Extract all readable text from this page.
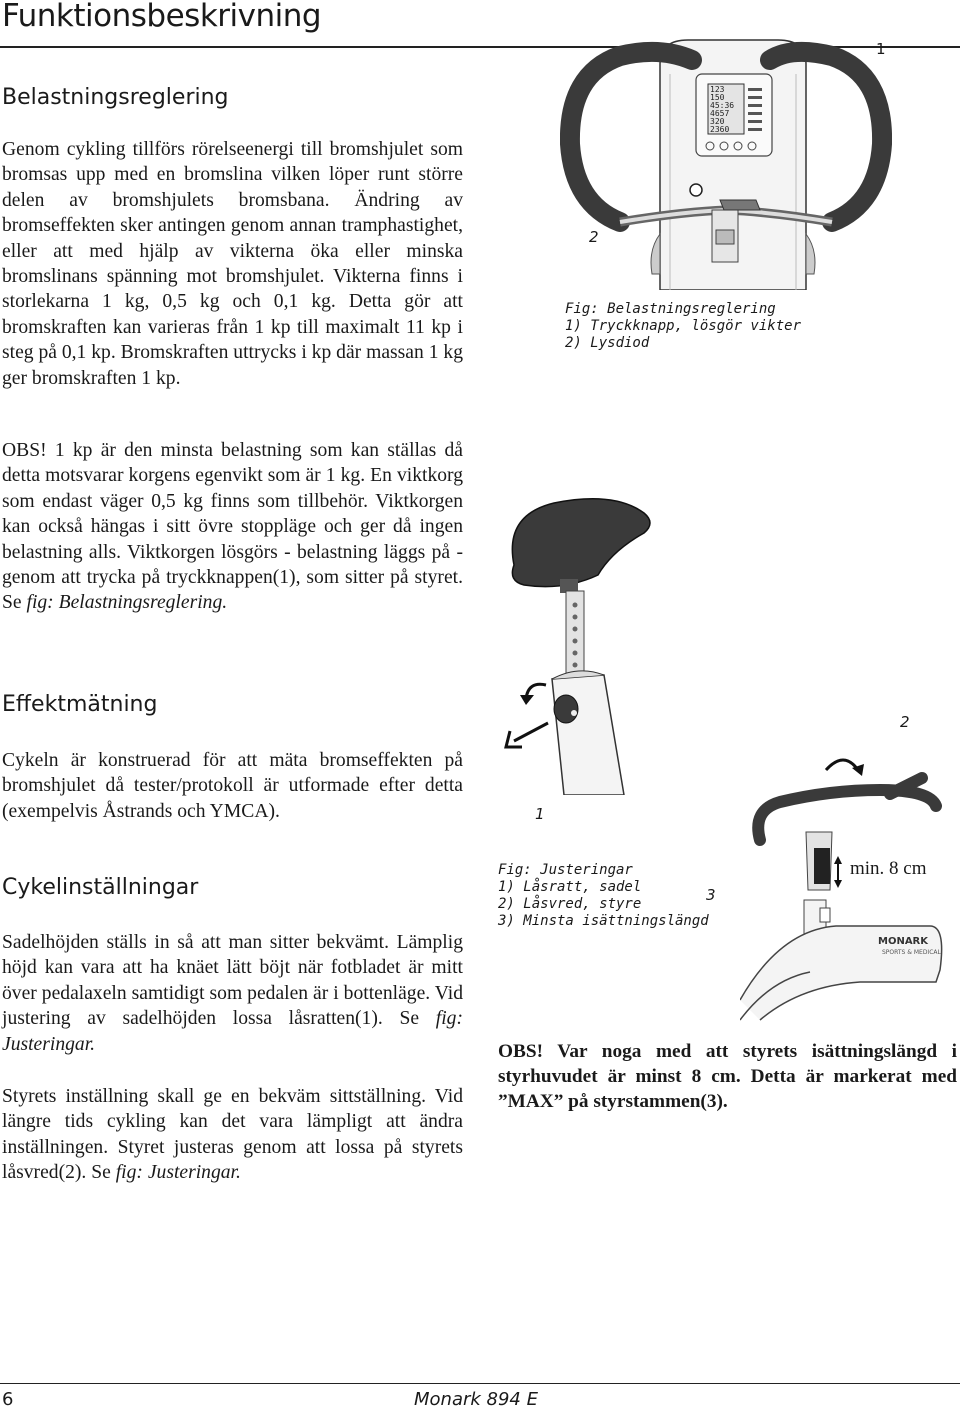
Funktionsbeskrivning
Belastningsreglering

Genom cykling tillförs rörelseenergi till bromshjulet som bromsas upp med en bromslina vilken löper runt större delen av bromshjulets bromsbana. Ändring av bromseffekten sker antingen genom annan tramphastighet, eller att med hjälp av vikterna öka eller minska bromslinans spänning mot bromshjulet. Vikterna finns i storlekarna 1 kg, 0,5 kg och 0,1 kg. Detta gör att bromskraften kan varieras från 1 kp till maximalt 11 kp i steg på 0,1 kp. Bromskraften uttrycks i kp där massan 1 kg ger bromskraften 1 kp.

OBS! 1 kp är den minsta belastning som kan ställas då detta motsvarar korgens egenvikt som är 1 kg. En viktkorg som endast väger 0,5 kg finns som tillbehör. Viktkorgen kan också hängas i sitt övre stoppläge och ger då ingen belastning alls. Viktkorgen lösgörs - belastning läggs på - genom att trycka på tryckknappen(1), som sitter på styret. Se fig: Belastningsreglering.

Effektmätning

Cykeln är konstruerad för att mäta bromseffekten på bromshjulet då tester/protokoll är utformade efter detta (exempelvis Åstrands och YMCA).

Cykelinställningar

Sadelhöjden ställs in så att man sitter bekvämt. Lämplig höjd kan vara att ha knäet lätt böjt när fotbladet är mitt över pedalaxeln samtidigt som pedalen är i bottenläge. Vid justering av sadelhöjden lossa låsratten(1). Se fig: Justeringar.

Styrets inställning skall ge en bekväm sittställning. Vid längre tids cykling kan det vara lämpligt att ändra inställningen. Styret justeras genom att lossa på styrets låsvred(2). Se fig: Justeringar.

1
123
150
45:36
4657
320
2360
2
Fig: Belastningsreglering
1) Tryckknapp, lösgör vikter
2) Lysdiod
1
2
3
MONARK
SPORTS & MEDICAL
min. 8 cm
Fig: Justeringar
1) Låsratt, sadel
2) Låsvred, styre
3) Minsta isättningslängd

OBS! Var noga med att styrets isättningslängd i styrhuvudet är minst 8 cm. Detta är markerat med ”MAX” på styrstammen(3).

6	Monark 894 E
